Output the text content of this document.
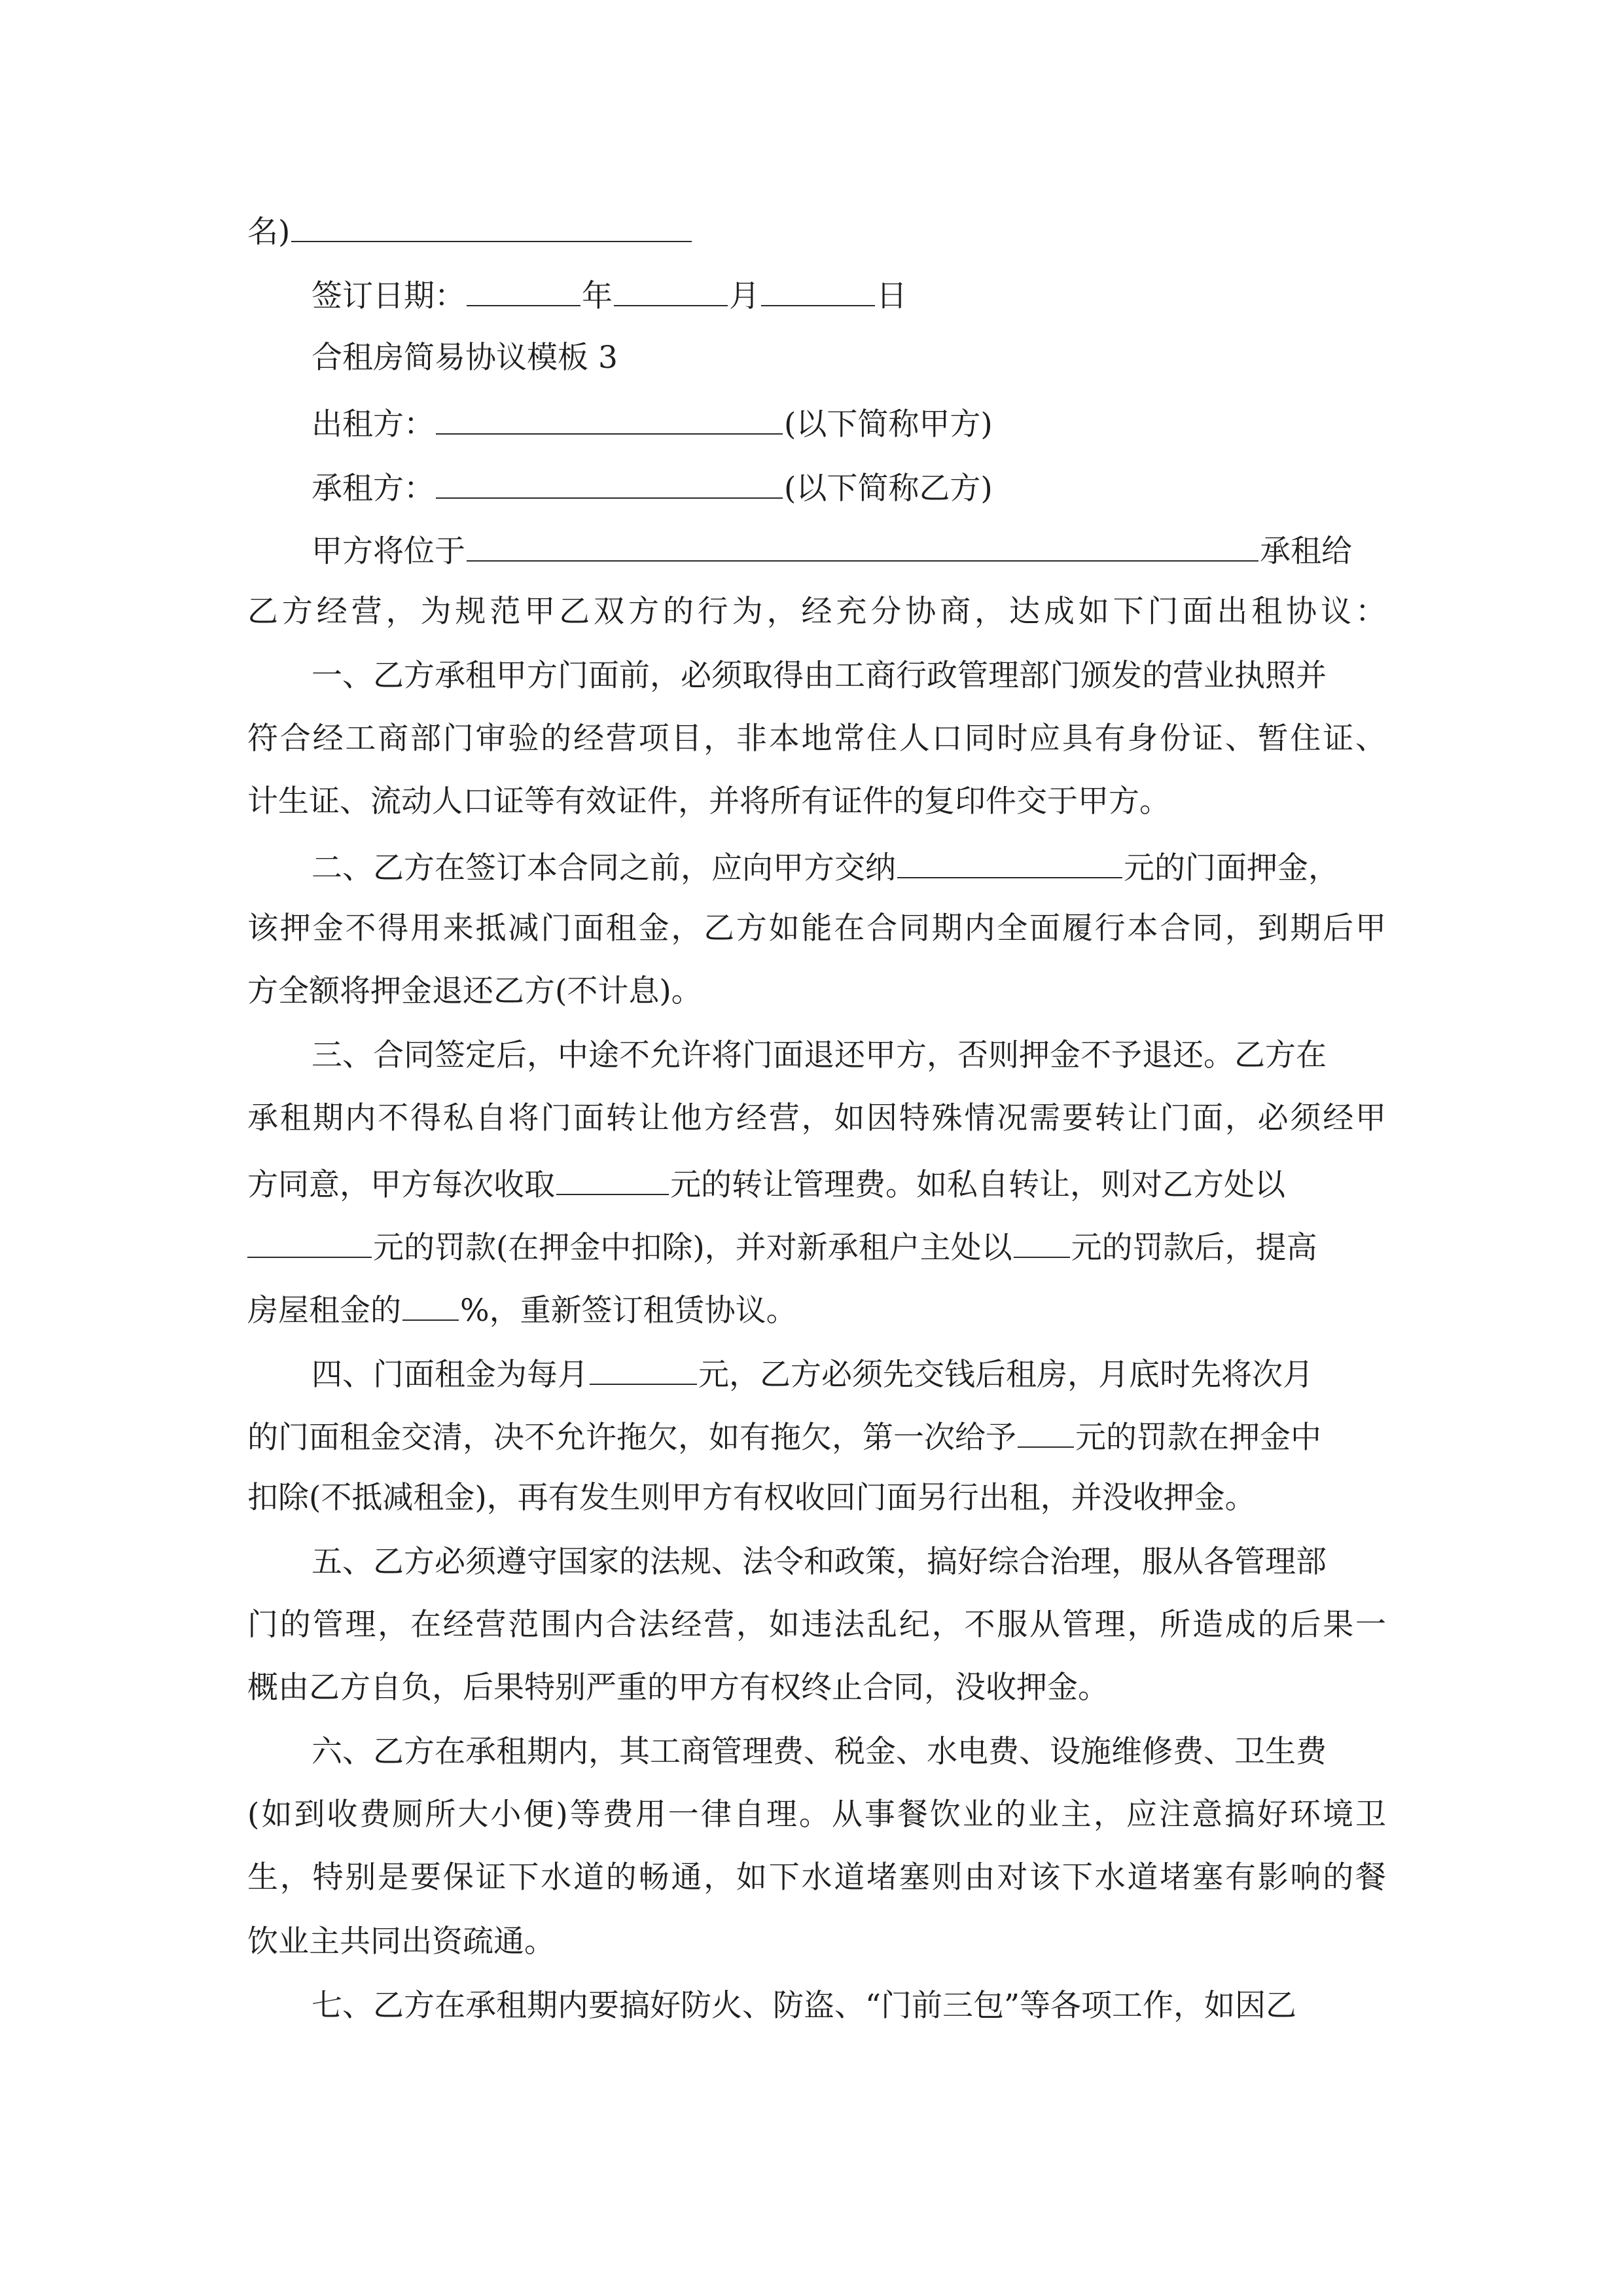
名)
签订日期：	年	月	日
合租房简易协议模板 3
出租方：	(以下简称甲方)
承租方：	(以下简称乙方)
甲方将位于	承租给
乙方经营，为规范甲乙双方的行为，经充分协商，达成如下门面出租协议：
一、乙方承租甲方门面前，必须取得由工商行政管理部门颁发的营业执照并
符合经工商部门审验的经营项目，非本地常住人口同时应具有身份证、暂住证、
计生证、流动人口证等有效证件，并将所有证件的复印件交于甲方。
二、乙方在签订本合同之前，应向甲方交纳	元的门面押金，
该押金不得用来抵减门面租金，乙方如能在合同期内全面履行本合同，到期后甲
方全额将押金退还乙方(不计息)。
三、合同签定后，中途不允许将门面退还甲方，否则押金不予退还。乙方在
承租期内不得私自将门面转让他方经营，如因特殊情况需要转让门面，必须经甲
方同意，甲方每次收取	元的转让管理费。如私自转让，则对乙方处以
元的罚款(在押金中扣除)，并对新承租户主处以 元的罚款后，提高
房屋租金的 %，重新签订租赁协议。
四、门面租金为每月	元，乙方必须先交钱后租房，月底时先将次月
的门面租金交清，决不允许拖欠，如有拖欠，第一次给予 元的罚款在押金中
扣除(不抵减租金)，再有发生则甲方有权收回门面另行出租，并没收押金。
五、乙方必须遵守国家的法规、法令和政策，搞好综合治理，服从各管理部
门的管理，在经营范围内合法经营，如违法乱纪，不服从管理，所造成的后果一
概由乙方自负，后果特别严重的甲方有权终止合同，没收押金。
六、乙方在承租期内，其工商管理费、税金、水电费、设施维修费、卫生费
(如到收费厕所大小便)等费用一律自理。从事餐饮业的业主，应注意搞好环境卫
生，特别是要保证下水道的畅通，如下水道堵塞则由对该下水道堵塞有影响的餐
饮业主共同出资疏通。
七、乙方在承租期内要搞好防火、防盗、“门前三包”等各项工作，如因乙
